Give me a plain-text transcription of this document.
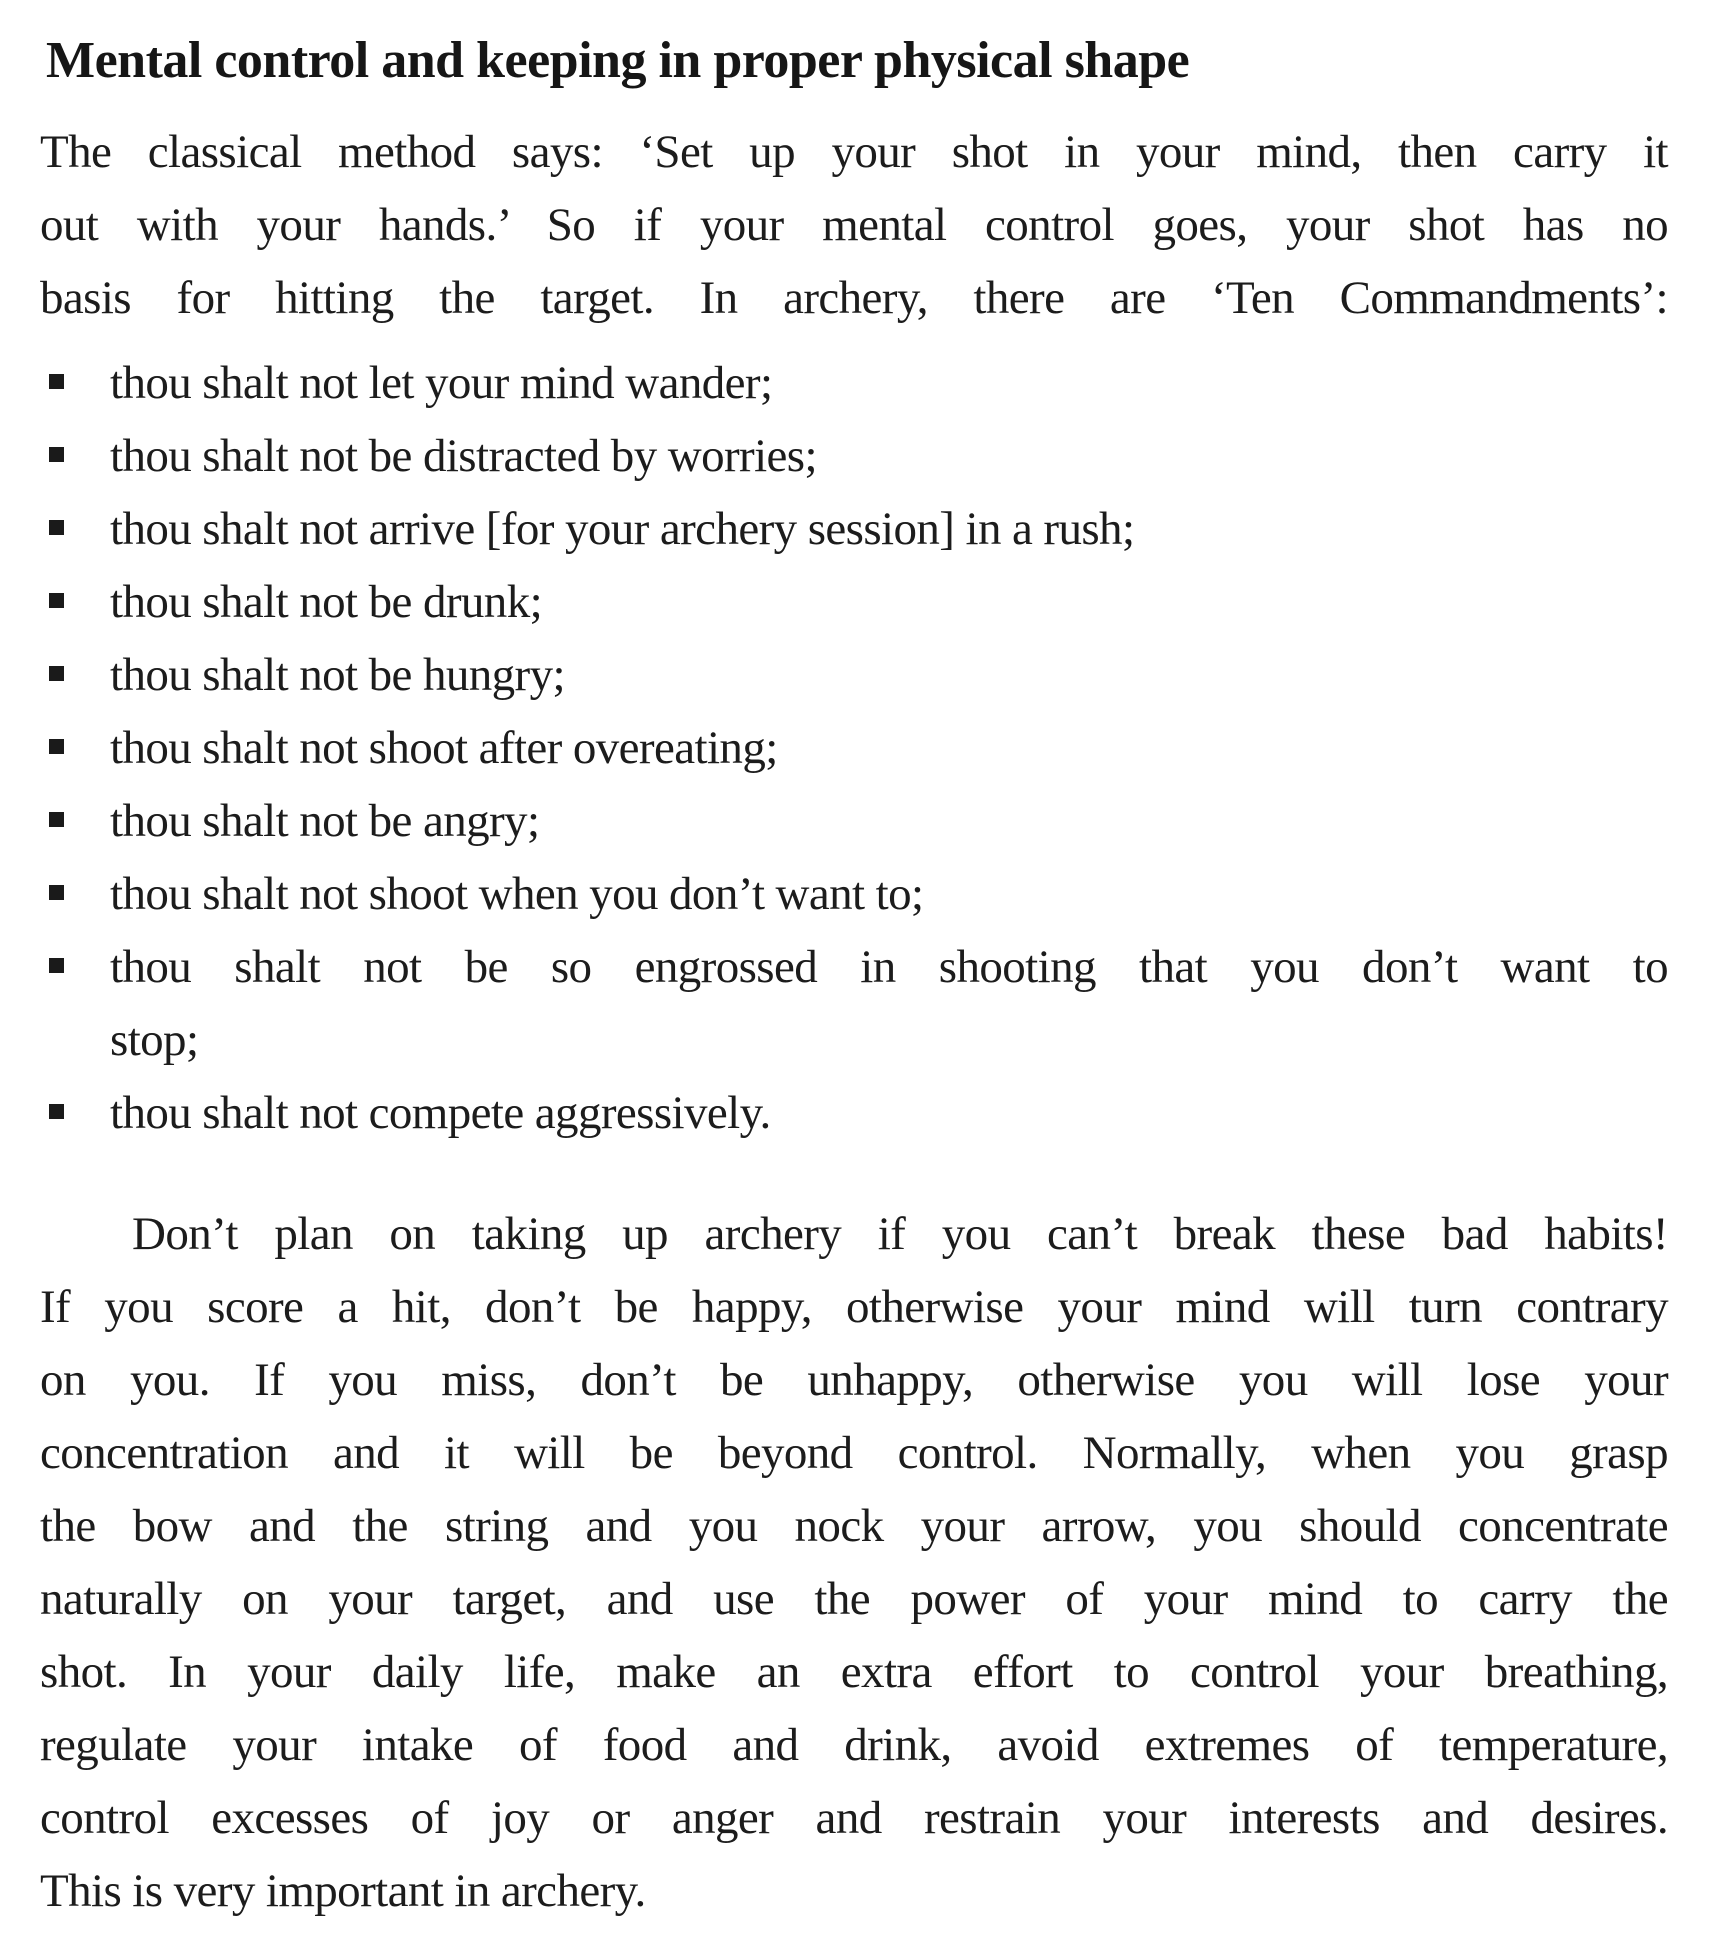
Mental control and keeping in proper physical shape
The classical method says: ‘Set up your shot in your mind, then carry it
out with your hands.’ So if your mental control goes, your shot has no
basis for hitting the target. In archery, there are ‘Ten Commandments’:
thou shalt not let your mind wander;
thou shalt not be distracted by worries;
thou shalt not arrive [for your archery session] in a rush;
thou shalt not be drunk;
thou shalt not be hungry;
thou shalt not shoot after overeating;
thou shalt not be angry;
thou shalt not shoot when you don’t want to;
thou shalt not be so engrossed in shooting that you don’t want to
stop;
thou shalt not compete aggressively.
Don’t plan on taking up archery if you can’t break these bad habits!
If you score a hit, don’t be happy, otherwise your mind will turn contrary
on you. If you miss, don’t be unhappy, otherwise you will lose your
concentration and it will be beyond control. Normally, when you grasp
the bow and the string and you nock your arrow, you should concentrate
naturally on your target, and use the power of your mind to carry the
shot. In your daily life, make an extra effort to control your breathing,
regulate your intake of food and drink, avoid extremes of temperature,
control excesses of joy or anger and restrain your interests and desires.
This is very important in archery.
